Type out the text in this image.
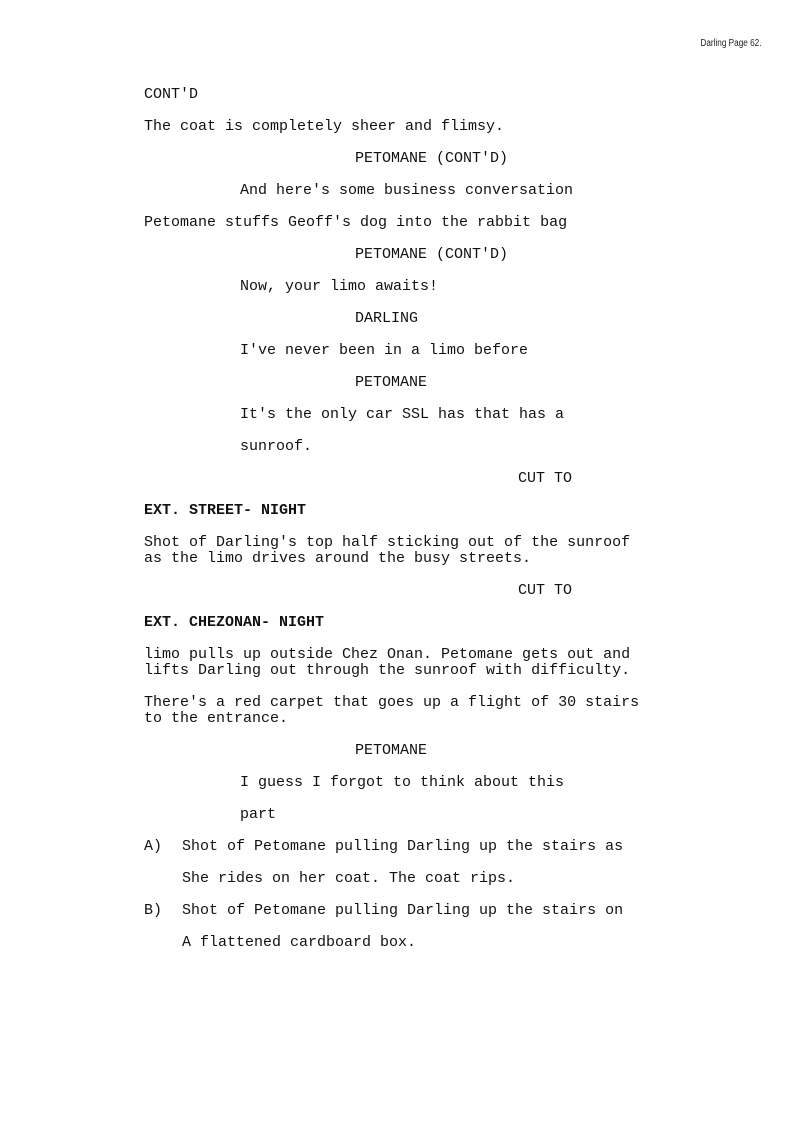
Darling Page 62.
CONT'D
The coat is completely sheer and flimsy.
PETOMANE (CONT'D)
And here's some business conversation
Petomane stuffs Geoff's dog into the rabbit bag
PETOMANE (CONT'D)
Now, your limo awaits!
DARLING
I've never been in a limo before
PETOMANE
It's the only car SSL has that has a
sunroof.
CUT TO
EXT. STREET- NIGHT
Shot of Darling's top half sticking out of the sunroof
as the limo drives around the busy streets.
CUT TO
EXT. CHEZONAN- NIGHT
limo pulls up outside Chez Onan. Petomane gets out and
lifts Darling out through the sunroof with difficulty.
There's a red carpet that goes up a flight of 30 stairs
to the entrance.
PETOMANE
I guess I forgot to think about this
part
A) Shot of Petomane pulling Darling up the stairs as
She rides on her coat. The coat rips.
B) Shot of Petomane pulling Darling up the stairs on
A flattened cardboard box.
